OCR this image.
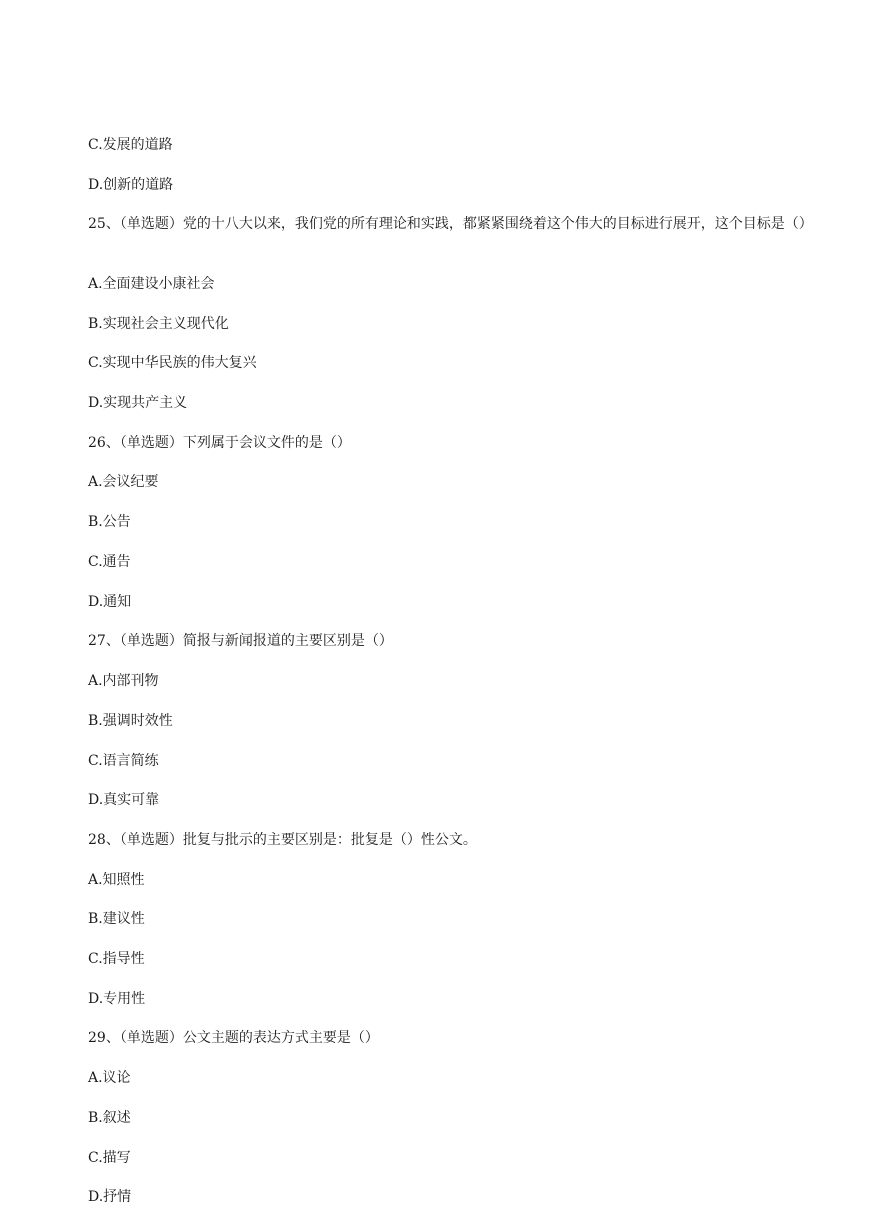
C.发展的道路
D.创新的道路
25、（单选题）党的十八大以来，我们党的所有理论和实践，都紧紧围绕着这个伟大的目标进行展开，这个目标是（）
A.全面建设小康社会
B.实现社会主义现代化
C.实现中华民族的伟大复兴
D.实现共产主义
26、（单选题）下列属于会议文件的是（）
A.会议纪要
B.公告
C.通告
D.通知
27、（单选题）简报与新闻报道的主要区别是（）
A.内部刊物
B.强调时效性
C.语言简练
D.真实可靠
28、（单选题）批复与批示的主要区别是：批复是（）性公文。
A.知照性
B.建议性
C.指导性
D.专用性
29、（单选题）公文主题的表达方式主要是（）
A.议论
B.叙述
C.描写
D.抒情
